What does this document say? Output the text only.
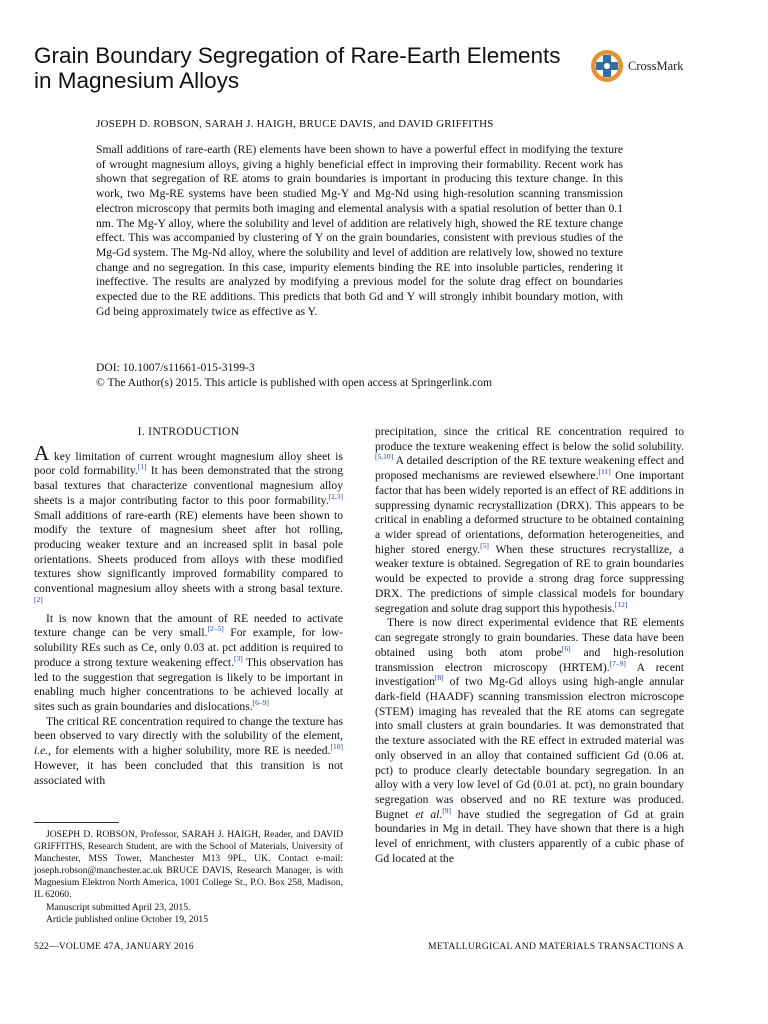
Grain Boundary Segregation of Rare-Earth Elements
in Magnesium Alloys
CrossMark
JOSEPH D. ROBSON, SARAH J. HAIGH, BRUCE DAVIS, and DAVID GRIFFITHS

Small additions of rare-earth (RE) elements have been shown to have a powerful effect in modifying the texture of wrought magnesium alloys, giving a highly beneficial effect in improving their formability. Recent work has shown that segregation of RE atoms to grain boundaries is important in producing this texture change. In this work, two Mg-RE systems have been studied Mg-Y and Mg-Nd using high-resolution scanning transmission electron microscopy that permits both imaging and elemental analysis with a spatial resolution of better than 0.1 nm. The Mg-Y alloy, where the solubility and level of addition are relatively high, showed the RE texture change effect. This was accompanied by clustering of Y on the grain boundaries, consistent with previous studies of the Mg-Gd system. The Mg-Nd alloy, where the solubility and level of addition are relatively low, showed no texture change and no segregation. In this case, impurity elements binding the RE into insoluble particles, rendering it ineffective. The results are analyzed by modifying a previous model for the solute drag effect on boundaries expected due to the RE additions. This predicts that both Gd and Y will strongly inhibit boundary motion, with Gd being approximately twice as effective as Y.

DOI: 10.1007/s11661-015-3199-3
© The Author(s) 2015. This article is published with open access at Springerlink.com
I. INTRODUCTION

A key limitation of current wrought magnesium alloy sheet is poor cold formability.[1] It has been demonstrated that the strong basal textures that characterize conventional magnesium alloy sheets is a major contributing factor to this poor formability.[2,3] Small additions of rare-earth (RE) elements have been shown to modify the texture of magnesium sheet after hot rolling, producing weaker texture and an increased split in basal pole orientations. Sheets produced from alloys with these modified textures show significantly improved formability compared to conventional magnesium alloy sheets with a strong basal texture.[2]

It is now known that the amount of RE needed to activate texture change can be very small.[2–5] For example, for low-solubility REs such as Ce, only 0.03 at. pct addition is required to produce a strong texture weakening effect.[3] This observation has led to the suggestion that segregation is likely to be important in enabling much higher concentrations to be achieved locally at sites such as grain boundaries and dislocations.[6–9]

The critical RE concentration required to change the texture has been observed to vary directly with the solubility of the element, i.e., for elements with a higher solubility, more RE is needed.[10] However, it has been concluded that this transition is not associated with

precipitation, since the critical RE concentration required to produce the texture weakening effect is below the solid solubility.[5,10] A detailed description of the RE texture weakening effect and proposed mechanisms are reviewed elsewhere.[11] One important factor that has been widely reported is an effect of RE additions in suppressing dynamic recrystallization (DRX). This appears to be critical in enabling a deformed structure to be obtained containing a wider spread of orientations, deformation heterogeneities, and higher stored energy.[5] When these structures recrystallize, a weaker texture is obtained. Segregation of RE to grain boundaries would be expected to provide a strong drag force suppressing DRX. The predictions of simple classical models for boundary segregation and solute drag support this hypothesis.[12]

There is now direct experimental evidence that RE elements can segregate strongly to grain boundaries. These data have been obtained using both atom probe[6] and high-resolution transmission electron microscopy (HRTEM).[7–9] A recent investigation[8] of two Mg-Gd alloys using high-angle annular dark-field (HAADF) scanning transmission electron microscope (STEM) imaging has revealed that the RE atoms can segregate into small clusters at grain boundaries. It was demonstrated that the texture associated with the RE effect in extruded material was only observed in an alloy that contained sufficient Gd (0.06 at. pct) to produce clearly detectable boundary segregation. In an alloy with a very low level of Gd (0.01 at. pct), no grain boundary segregation was observed and no RE texture was produced. Bugnet et al.[9] have studied the segregation of Gd at grain boundaries in Mg in detail. They have shown that there is a high level of enrichment, with clusters apparently of a cubic phase of Gd located at the

JOSEPH D. ROBSON, Professor, SARAH J. HAIGH, Reader, and DAVID GRIFFITHS, Research Student, are with the School of Materials, University of Manchester, MSS Tower, Manchester M13 9PL, UK. Contact e-mail: joseph.robson@manchester.ac.uk BRUCE DAVIS, Research Manager, is with Magnesium Elektron North America, 1001 College St., P.O. Box 258, Madison, IL 62060.

Manuscript submitted April 23, 2015.

Article published online October 19, 2015

522—VOLUME 47A, JANUARY 2016	METALLURGICAL AND MATERIALS TRANSACTIONS A
